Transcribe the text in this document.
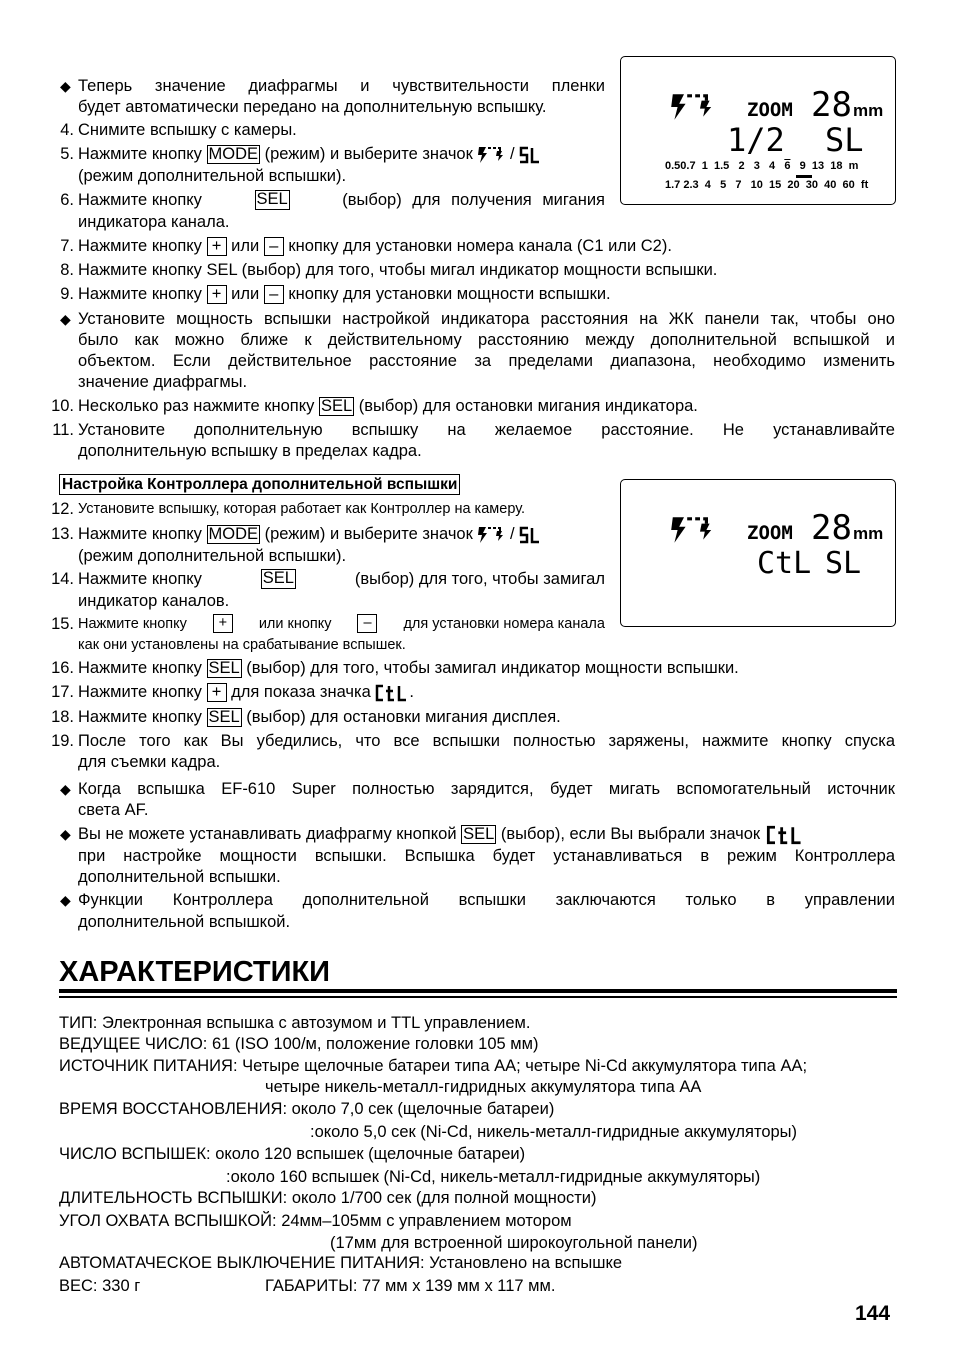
◆ Теперь значение диафрагмы и чувствительности пленки
будет автоматически передано на дополнительную вспышку.
4. Снимите вспышку с камеры.
5. Нажмите кнопку MODE (режим) и выберите значок /
(режим дополнительной вспышки).
6. Нажмите кнопку	SEL	(выбор) для получения мигания
индикатора канала.
ZOOM 28 mm
1/2 SL
0.50.7 1 1.5 2 3 4 6 9 13 18 m
1.7 2.3 4 5 7 10 15 20 30 40 60 ft
7. Нажмите кнопку + или – кнопку для установки номера канала (С1 или С2).
8. Нажмите кнопку SEL (выбор) для того, чтобы мигал индикатор мощности вспышки.
9. Нажмите кнопку + или – кнопку для установки мощности вспышки.
◆ Установите мощность вспышки настройкой индикатора расстояния на ЖК панели так, чтобы оно
было как можно ближе к действительному расстоянию между дополнительной вспышкой и
объектом. Если действительное расстояние за пределами диапазона, необходимо изменить
значение диафрагмы.
10. Несколько раз нажмите кнопку SEL (выбор) для остановки мигания индикатора.
11. Установите дополнительную вспышку на желаемое расстояние. Не устанавливайте
дополнительную вспышку в пределах кадра.
Настройка Контроллера дополнительной вспышки
12. Установите вспышку, которая работает как Контроллер на камеру.
13. Нажмите кнопку MODE (режим) и выберите значок /
(режим дополнительной вспышки).
14. Нажмите кнопку	SEL	(выбор) для того, чтобы замигал
индикатор каналов.
15. Нажмите кнопку	+	или кнопку	–	для установки номера канала
как они установлены на срабатывание вспышек.
ZOOM 28 mm
CtL SL
16. Нажмите кнопку SEL (выбор) для того, чтобы замигал индикатор мощности вспышки.
17. Нажмите кнопку + для показа значка .
18. Нажмите кнопку SEL (выбор) для остановки мигания дисплея.
19. После того как Вы убедились, что все вспышки полностью заряжены, нажмите кнопку спуска
для съемки кадра.
◆ Когда вспышка EF-610 Super полностью зарядится, будет мигать вспомогательный источник
света AF.
◆ Вы не можете устанавливать диафрагму кнопкой SEL (выбор), если Вы выбрали значок
при настройке мощности вспышки. Вспышка будет устанавливаться в режим Контроллера
дополнительной вспышки.
◆ Функции Контроллера дополнительной вспышки заключаются только в управлении
дополнительной вспышкой.
ХАРАКТЕРИСТИКИ
ТИП: Электронная вспышка с автозумом и TTL управлением.
ВЕДУЩЕЕ ЧИСЛО: 61 (ISO 100/м, положение головки 105 мм)
ИСТОЧНИК ПИТАНИЯ: Четыре щелочные батареи типа АА; четыре Ni-Cd аккумулятора типа АА;
четыре никель-металл-гидридных аккумулятора типа АА
ВРЕМЯ ВОССТАНОВЛЕНИЯ: около 7,0 сек (щелочные батареи)
:около 5,0 сек (Ni-Cd, никель-металл-гидридные аккумуляторы)
ЧИСЛО ВСПЫШЕК: около 120 вспышек (щелочные батареи)
:около 160 вспышек (Ni-Cd, никель-металл-гидридные аккумуляторы)
ДЛИТЕЛЬНОСТЬ ВСПЫШКИ: около 1/700 сек (для полной мощности)
УГОЛ ОХВАТА ВСПЫШКОЙ: 24мм–105мм с управлением мотором
(17мм для встроенной широкоугольной панели)
АВТОМАТАЧЕСКОЕ ВЫКЛЮЧЕНИЕ ПИТАНИЯ: Установлено на вспышке
ВЕС: 330 г	ГАБАРИТЫ: 77 мм х 139 мм х 117 мм.
144
